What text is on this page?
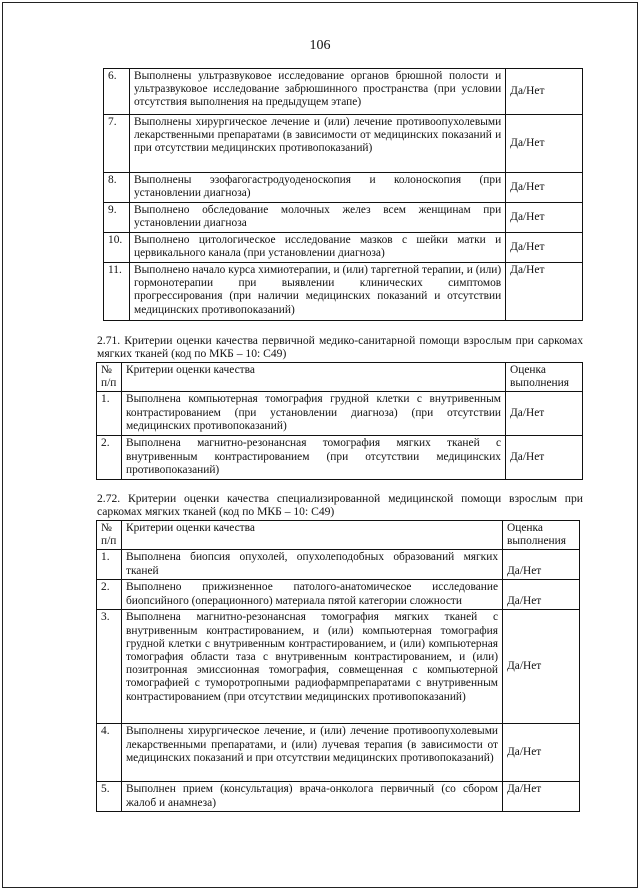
106
6.	Выполнены ультразвуковое исследование органов брюшной полости и ультразвуковое исследование забрюшинного пространства (при условии отсутствия выполнения на предыдущем этапе)	Да/Нет
7.	Выполнены хирургическое лечение и (или) лечение противоопухолевыми лекарственными препаратами (в зависимости от медицинских показаний и при отсутствии медицинских противопоказаний)	Да/Нет
8.	Выполнены эзофагогастродуоденоскопия и колоноскопия (при установлении диагноза)	Да/Нет
9.	Выполнено обследование молочных желез всем женщинам при установлении диагноза	Да/Нет
10.	Выполнено цитологическое исследование мазков с шейки матки и цервикального канала (при установлении диагноза)	Да/Нет
11.	Выполнено начало курса химиотерапии, и (или) таргетной терапии, и (или) гормонотерапии при выявлении клинических симптомов прогрессирования (при наличии медицинских показаний и отсутствии медицинских противопоказаний)	Да/Нет
2.71. Критерии оценки качества первичной медико-санитарной помощи взрослым при саркомах мягких тканей (код по МКБ – 10: C49)
№ п/п	Критерии оценки качества	Оценка выполнения
1.	Выполнена компьютерная томография грудной клетки с внутривенным контрастированием (при установлении диагноза) (при отсутствии медицинских противопоказаний)	Да/Нет
2.	Выполнена магнитно-резонансная томография мягких тканей с внутривенным контрастированием (при отсутствии медицинских противопоказаний)	Да/Нет
2.72. Критерии оценки качества специализированной медицинской помощи взрослым при саркомах мягких тканей (код по МКБ – 10: C49)
№ п/п	Критерии оценки качества	Оценка выполнения
1.	Выполнена биопсия опухолей, опухолеподобных образований мягких тканей	Да/Нет
2.	Выполнено прижизненное патолого-анатомическое исследование биопсийного (операционного) материала пятой категории сложности	Да/Нет
3.	Выполнена магнитно-резонансная томография мягких тканей с внутривенным контрастированием, и (или) компьютерная томография грудной клетки с внутривенным контрастированием, и (или) компьютерная томография области таза с внутривенным контрастированием, и (или) позитронная эмиссионная томография, совмещенная с компьютерной томографией с туморотропными радиофармпрепаратами с внутривенным контрастированием (при отсутствии медицинских противопоказаний)	Да/Нет
4.	Выполнены хирургическое лечение, и (или) лечение противоопухолевыми лекарственными препаратами, и (или) лучевая терапия (в зависимости от медицинских показаний и при отсутствии медицинских противопоказаний)	Да/Нет
5.	Выполнен прием (консультация) врача-онколога первичный (со сбором жалоб и анамнеза)	Да/Нет
